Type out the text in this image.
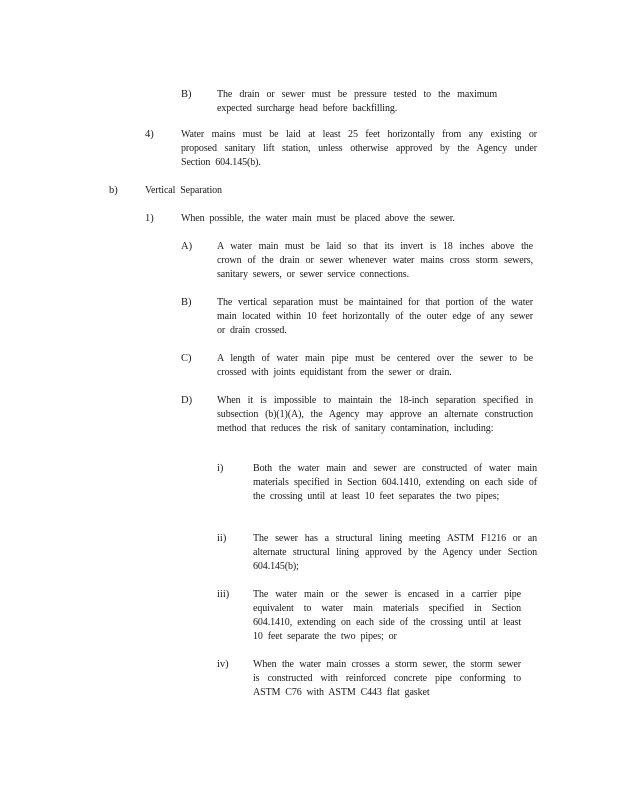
B)	The drain or sewer must be pressure tested to the maximum expected surcharge head before backfilling.
4)	Water mains must be laid at least 25 feet horizontally from any existing or proposed sanitary lift station, unless otherwise approved by the Agency under Section 604.145(b).
b)	Vertical Separation
1)	When possible, the water main must be placed above the sewer.
A) A water main must be laid so that its invert is 18 inches above the crown of the drain or sewer whenever water mains cross storm sewers, sanitary sewers, or sewer service connections.
B)	The vertical separation must be maintained for that portion of the water main located within 10 feet horizontally of the outer edge of any sewer or drain crossed.
C)	A length of water main pipe must be centered over the sewer to be crossed with joints equidistant from the sewer or drain.
D) When it is impossible to maintain the 18-inch separation specified in subsection (b)(1)(A), the Agency may approve an alternate construction method that reduces the risk of sanitary contamination, including:
i)	Both the water main and sewer are constructed of water main materials specified in Section 604.1410, extending on each side of the crossing until at least 10 feet separates the two pipes;
ii)	The sewer has a structural lining meeting ASTM F1216 or an alternate structural lining approved by the Agency under Section 604.145(b);
iii) The water main or the sewer is encased in a carrier pipe equivalent to water main materials specified in Section 604.1410, extending on each side of the crossing until at least 10 feet separate the two pipes; or
iv) When the water main crosses a storm sewer, the storm sewer is constructed with reinforced concrete pipe conforming to ASTM C76 with ASTM C443 flat gasket
